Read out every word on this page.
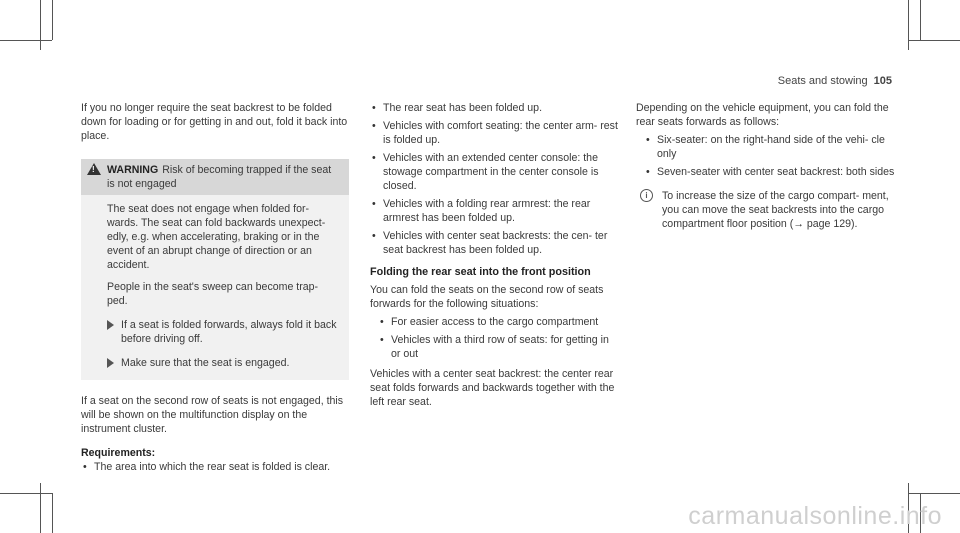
Seats and stowing 105

If you no longer require the seat backrest to be folded down for loading or for getting in and out, fold it back into place.

! WARNING Risk of becoming trapped if the seat is not engaged

The seat does not engage when folded for- wards. The seat can fold backwards unexpect- edly, e.g. when accelerating, braking or in the event of an abrupt change of direction or an accident.

People in the seat's sweep can become trap- ped.

If a seat is folded forwards, always fold it back before driving off.
Make sure that the seat is engaged.

If a seat on the second row of seats is not engaged, this will be shown on the multifunction display on the instrument cluster.

Requirements:
• The area into which the rear seat is folded is clear.
• The rear seat has been folded up.
• Vehicles with comfort seating: the center arm- rest is folded up.
• Vehicles with an extended center console: the stowage compartment in the center console is closed.
• Vehicles with a folding rear armrest: the rear armrest has been folded up.
• Vehicles with center seat backrests: the cen- ter seat backrest has been folded up.
Folding the rear seat into the front position

You can fold the seats on the second row of seats forwards for the following situations:

• For easier access to the cargo compartment
• Vehicles with a third row of seats: for getting in or out

Vehicles with a center seat backrest: the center rear seat folds forwards and backwards together with the left rear seat.

Depending on the vehicle equipment, you can fold the rear seats forwards as follows:

• Six-seater: on the right-hand side of the vehi- cle only
• Seven-seater with center seat backrest: both sides
i	To increase the size of the cargo compart- ment, you can move the seat backrests into the cargo compartment floor position (→ page 129).
carmanualsonline.info
